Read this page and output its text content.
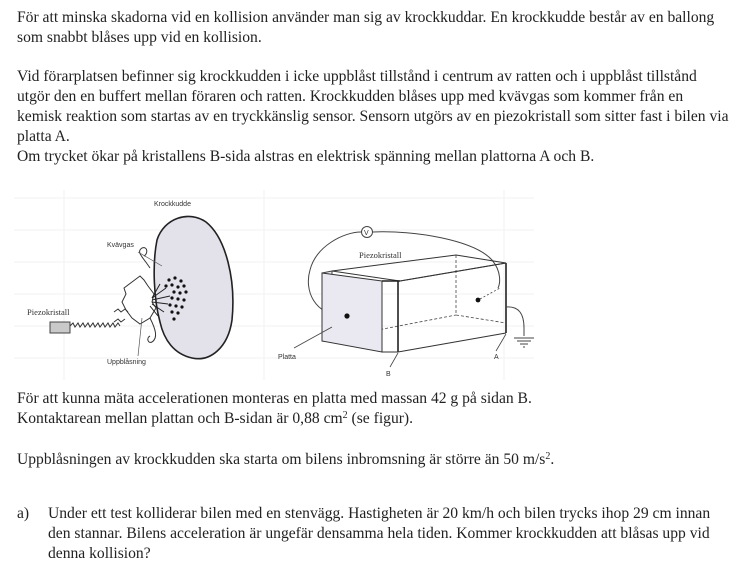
För att minska skadorna vid en kollision använder man sig av krockkuddar. En krockkudde består av en ballong som snabbt blåses upp vid en kollision.

Vid förarplatsen befinner sig krockkudden i icke uppblåst tillstånd i centrum av ratten och i uppblåst tillstånd utgör den en buffert mellan föraren och ratten. Krockkudden blåses upp med kvävgas som kommer från en kemisk reaktion som startas av en tryckkänslig sensor. Sensorn utgörs av en piezokristall som sitter fast i bilen via platta A.

Om trycket ökar på kristallens B-sida alstras en elektrisk spänning mellan plattorna A och B.

Krockkudde
Kvävgas
Piezokristall
Uppblåsning
V
Piezokristall
Platta
B
A

För att kunna mäta accelerationen monteras en platta med massan 42 g på sidan B.

Kontaktarean mellan plattan och B-sidan är 0,88 $cm^2$ (se figur).

Uppblåsningen av krockkudden ska starta om bilens inbromsning är större än 50 $m/s^2$.

a) Under ett test kolliderar bilen med en stenvägg. Hastigheten är 20 km/h och bilen trycks ihop 29 cm innan den stannar. Bilens acceleration är ungefär densamma hela tiden. Kommer krockkudden att blåsas upp vid denna kollision?
